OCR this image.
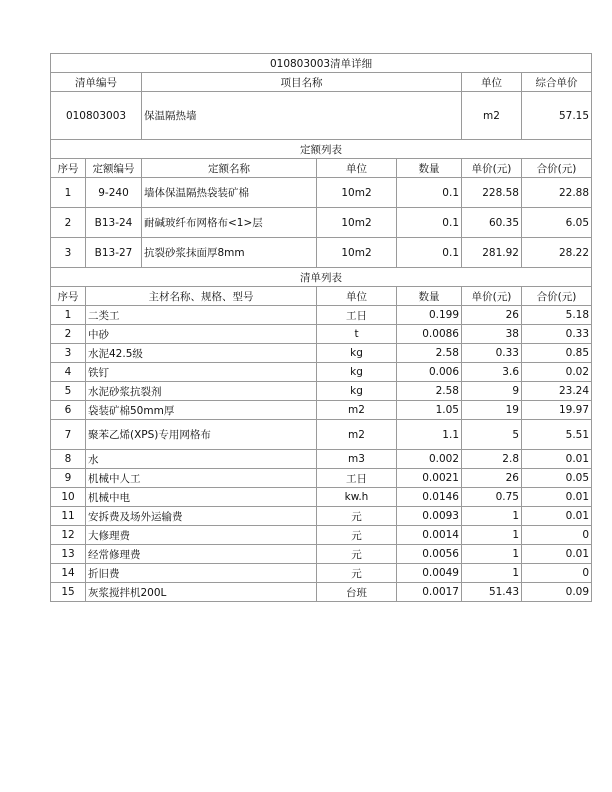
010803003清单详细						
清单编号		项目名称			单位	综合单价
010803003		保温隔热墙			m2	57.15
定额列表						
序号	定额编号	定额名称	单位	数量	单价(元)	合价(元)
1	9-240	墙体保温隔热袋装矿棉	10m2	0.1	228.58	22.88
2	B13-24	耐碱玻纤布网格布<1>层	10m2	0.1	60.35	6.05
3	B13-27	抗裂砂浆抹面厚8mm	10m2	0.1	281.92	28.22
清单列表						
序号	主材名称、规格、型号		单位	数量	单价(元)	合价(元)
1	二类工		工日	0.199	26	5.18
2	中砂		t	0.0086	38	0.33
3	水泥42.5级		kg	2.58	0.33	0.85
4	铁钉		kg	0.006	3.6	0.02
5	水泥砂浆抗裂剂		kg	2.58	9	23.24
6	袋装矿棉50mm厚		m2	1.05	19	19.97
7	聚苯乙烯(XPS)专用网格布		m2	1.1	5	5.51
8	水		m3	0.002	2.8	0.01
9	机械中人工		工日	0.0021	26	0.05
10	机械中电		kw.h	0.0146	0.75	0.01
11	安拆费及场外运输费		元	0.0093	1	0.01
12	大修理费		元	0.0014	1	0
13	经常修理费		元	0.0056	1	0.01
14	折旧费		元	0.0049	1	0
15	灰浆搅拌机200L		台班	0.0017	51.43	0.09
